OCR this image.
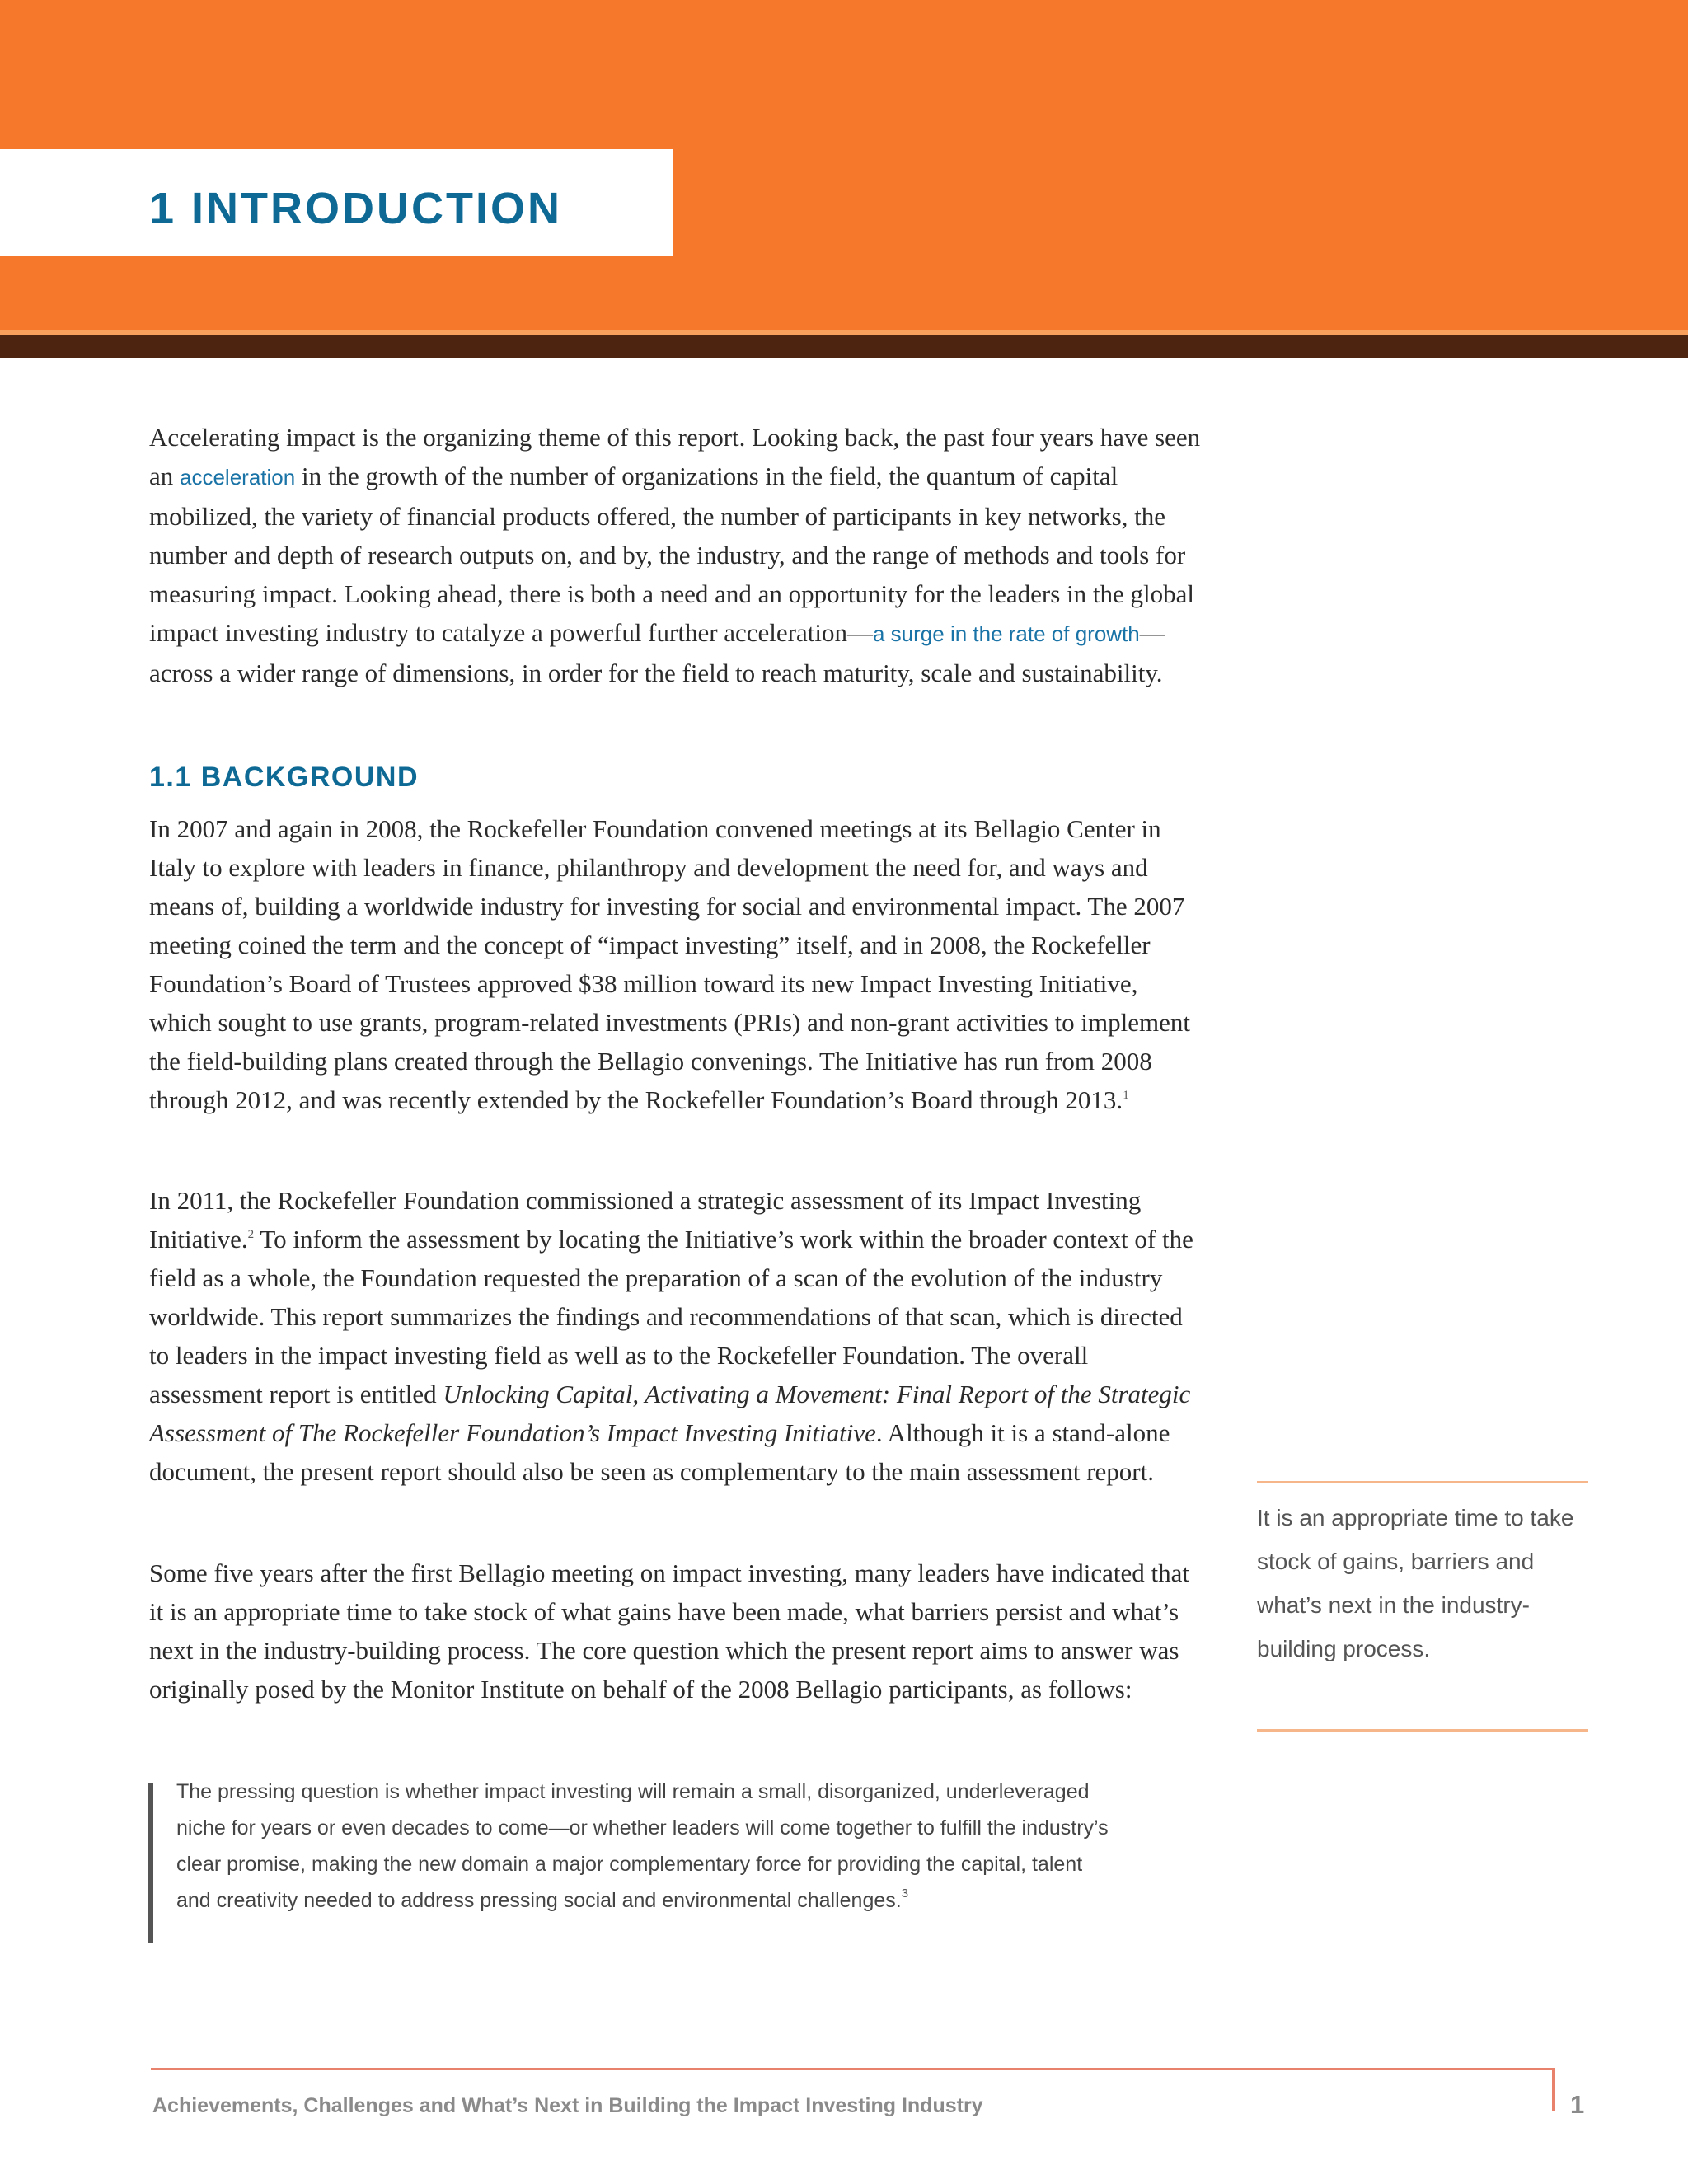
1 INTRODUCTION

Accelerating impact is the organizing theme of this report. Looking back, the past four years have seen an acceleration in the growth of the number of organizations in the field, the quantum of capital mobilized, the variety of financial products offered, the number of participants in key networks, the number and depth of research outputs on, and by, the industry, and the range of methods and tools for measuring impact. Looking ahead, there is both a need and an opportunity for the leaders in the global impact investing industry to catalyze a powerful further acceleration—a surge in the rate of growth—across a wider range of dimensions, in order for the field to reach maturity, scale and sustainability.

1.1 BACKGROUND

In 2007 and again in 2008, the Rockefeller Foundation convened meetings at its Bellagio Center in Italy to explore with leaders in finance, philanthropy and development the need for, and ways and means of, building a worldwide industry for investing for social and environmental impact. The 2007 meeting coined the term and the concept of “impact investing” itself, and in 2008, the Rockefeller Foundation’s Board of Trustees approved $38 million toward its new Impact Investing Initiative, which sought to use grants, program-related investments (PRIs) and non-grant activities to implement the field-building plans created through the Bellagio convenings. The Initiative has run from 2008 through 2012, and was recently extended by the Rockefeller Foundation’s Board through 2013.$^1$

In 2011, the Rockefeller Foundation commissioned a strategic assessment of its Impact Investing Initiative.$^2$ To inform the assessment by locating the Initiative’s work within the broader context of the field as a whole, the Foundation requested the preparation of a scan of the evolution of the industry worldwide. This report summarizes the findings and recommendations of that scan, which is directed to leaders in the impact investing field as well as to the Rockefeller Foundation. The overall assessment report is entitled Unlocking Capital, Activating a Movement: Final Report of the Strategic Assessment of The Rockefeller Foundation’s Impact Investing Initiative. Although it is a stand-alone document, the present report should also be seen as complementary to the main assessment report.

Some five years after the first Bellagio meeting on impact investing, many leaders have indicated that it is an appropriate time to take stock of what gains have been made, what barriers persist and what’s next in the industry-building process. The core question which the present report aims to answer was originally posed by the Monitor Institute on behalf of the 2008 Bellagio participants, as follows:

The pressing question is whether impact investing will remain a small, disorganized, underleveraged niche for years or even decades to come—or whether leaders will come together to fulfill the industry’s clear promise, making the new domain a major complementary force for providing the capital, talent and creativity needed to address pressing social and environmental challenges.$^3$

It is an appropriate time to take stock of gains, barriers and what’s next in the industry-building process.

Achievements, Challenges and What’s Next in Building the Impact Investing Industry	1
